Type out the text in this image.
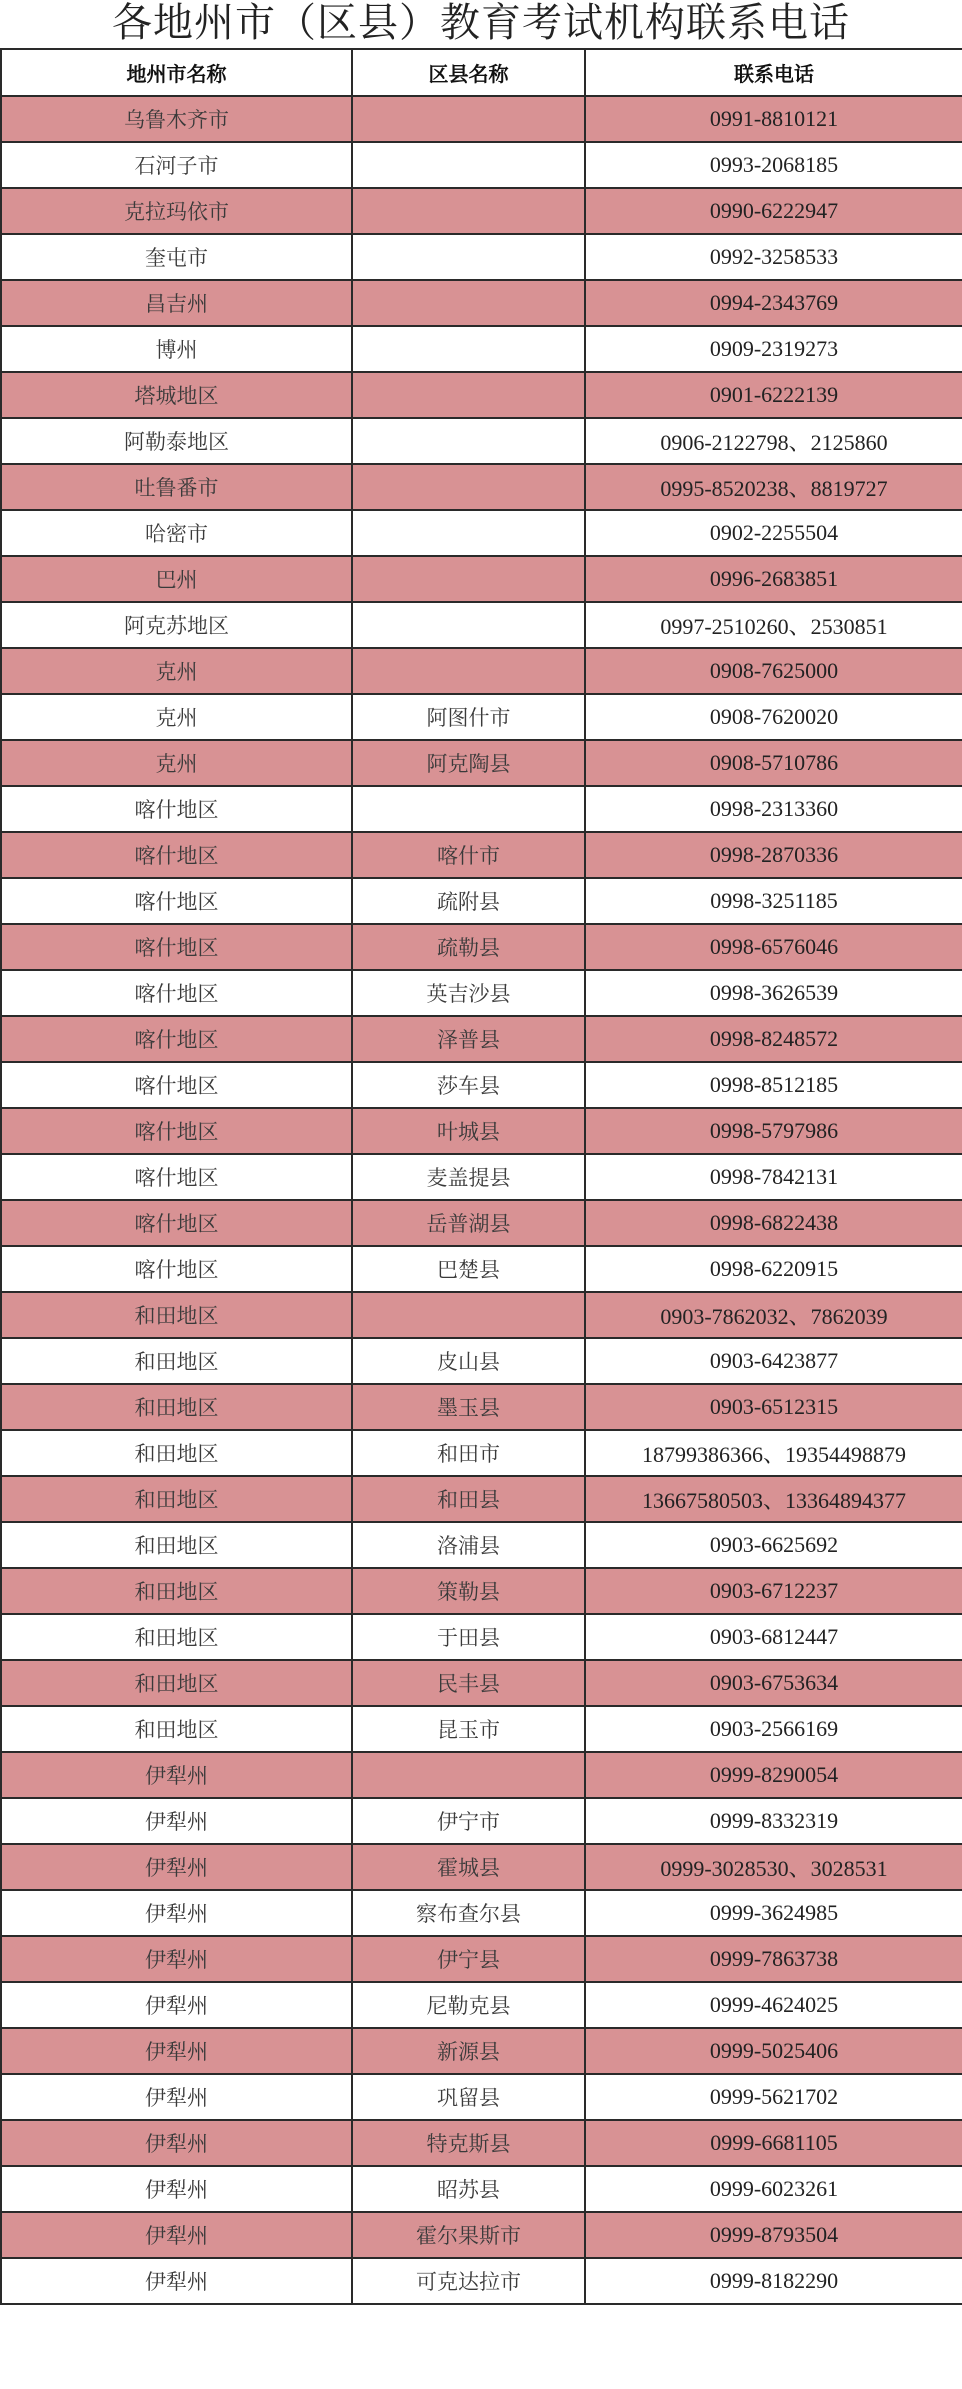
各地州市（区县）教育考试机构联系电话
地州市名称	区县名称	联系电话
乌鲁木齐市		0991-8810121
石河子市		0993-2068185
克拉玛依市		0990-6222947
奎屯市		0992-3258533
昌吉州		0994-2343769
博州		0909-2319273
塔城地区		0901-6222139
阿勒泰地区		0906-2122798、2125860
吐鲁番市		0995-8520238、8819727
哈密市		0902-2255504
巴州		0996-2683851
阿克苏地区		0997-2510260、2530851
克州		0908-7625000
克州	阿图什市	0908-7620020
克州	阿克陶县	0908-5710786
喀什地区		0998-2313360
喀什地区	喀什市	0998-2870336
喀什地区	疏附县	0998-3251185
喀什地区	疏勒县	0998-6576046
喀什地区	英吉沙县	0998-3626539
喀什地区	泽普县	0998-8248572
喀什地区	莎车县	0998-8512185
喀什地区	叶城县	0998-5797986
喀什地区	麦盖提县	0998-7842131
喀什地区	岳普湖县	0998-6822438
喀什地区	巴楚县	0998-6220915
和田地区		0903-7862032、7862039
和田地区	皮山县	0903-6423877
和田地区	墨玉县	0903-6512315
和田地区	和田市	18799386366、19354498879
和田地区	和田县	13667580503、13364894377
和田地区	洛浦县	0903-6625692
和田地区	策勒县	0903-6712237
和田地区	于田县	0903-6812447
和田地区	民丰县	0903-6753634
和田地区	昆玉市	0903-2566169
伊犁州		0999-8290054
伊犁州	伊宁市	0999-8332319
伊犁州	霍城县	0999-3028530、3028531
伊犁州	察布查尔县	0999-3624985
伊犁州	伊宁县	0999-7863738
伊犁州	尼勒克县	0999-4624025
伊犁州	新源县	0999-5025406
伊犁州	巩留县	0999-5621702
伊犁州	特克斯县	0999-6681105
伊犁州	昭苏县	0999-6023261
伊犁州	霍尔果斯市	0999-8793504
伊犁州	可克达拉市	0999-8182290
